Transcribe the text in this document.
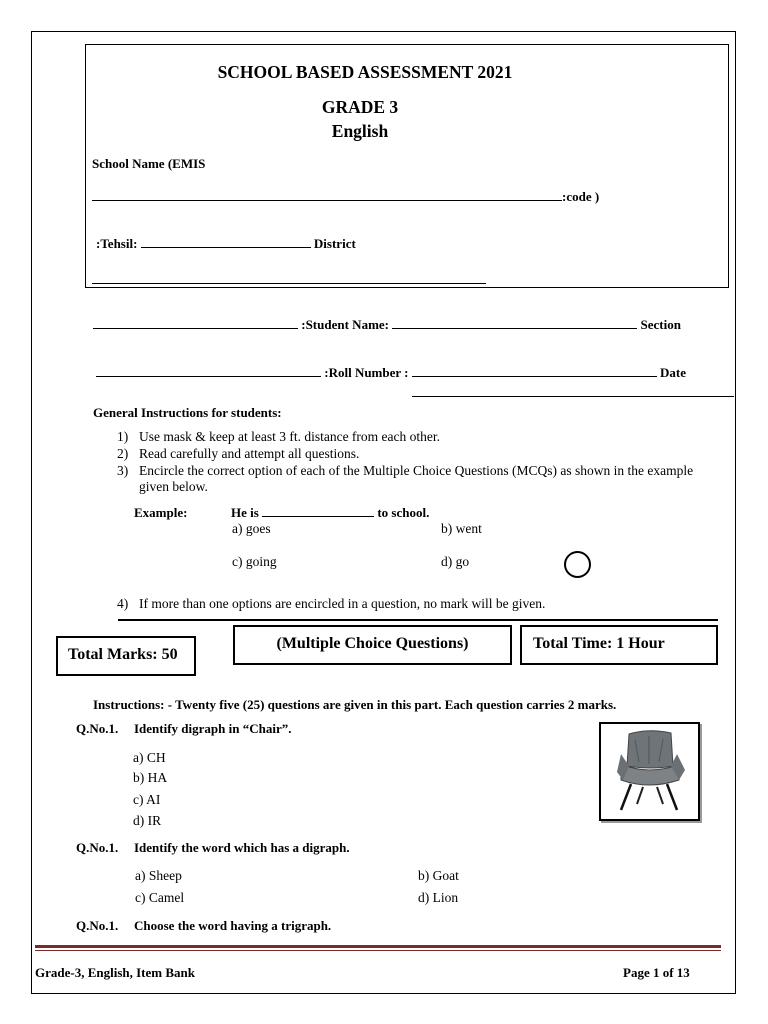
SCHOOL BASED ASSESSMENT 2021
GRADE 3
English
School Name (EMIS
:code )
:Tehsil:	District
:Student Name:	Section
:Roll Number :	Date
General Instructions for students:
1) Use mask & keep at least 3 ft. distance from each other.
2) Read carefully and attempt all questions.
3) Encircle the correct option of each of the Multiple Choice Questions (MCQs) as shown in the example given below.
Example:	He is	to school.
a) goes	b) went
c) going	d) go
4) If more than one options are encircled in a question, no mark will be given.
Total Marks: 50
(Multiple Choice Questions)	Total Time: 1 Hour
Instructions: - Twenty five (25) questions are given in this part. Each question carries 2 marks.
Q.No.1. Identify digraph in “Chair”.
a) CH
b) HA
c) AI
d) IR
Q.No.1. Identify the word which has a digraph.
a) Sheep	b) Goat
c) Camel	d) Lion
Q.No.1. Choose the word having a trigraph.
Grade-3, English, Item Bank	Page 1 of 13
